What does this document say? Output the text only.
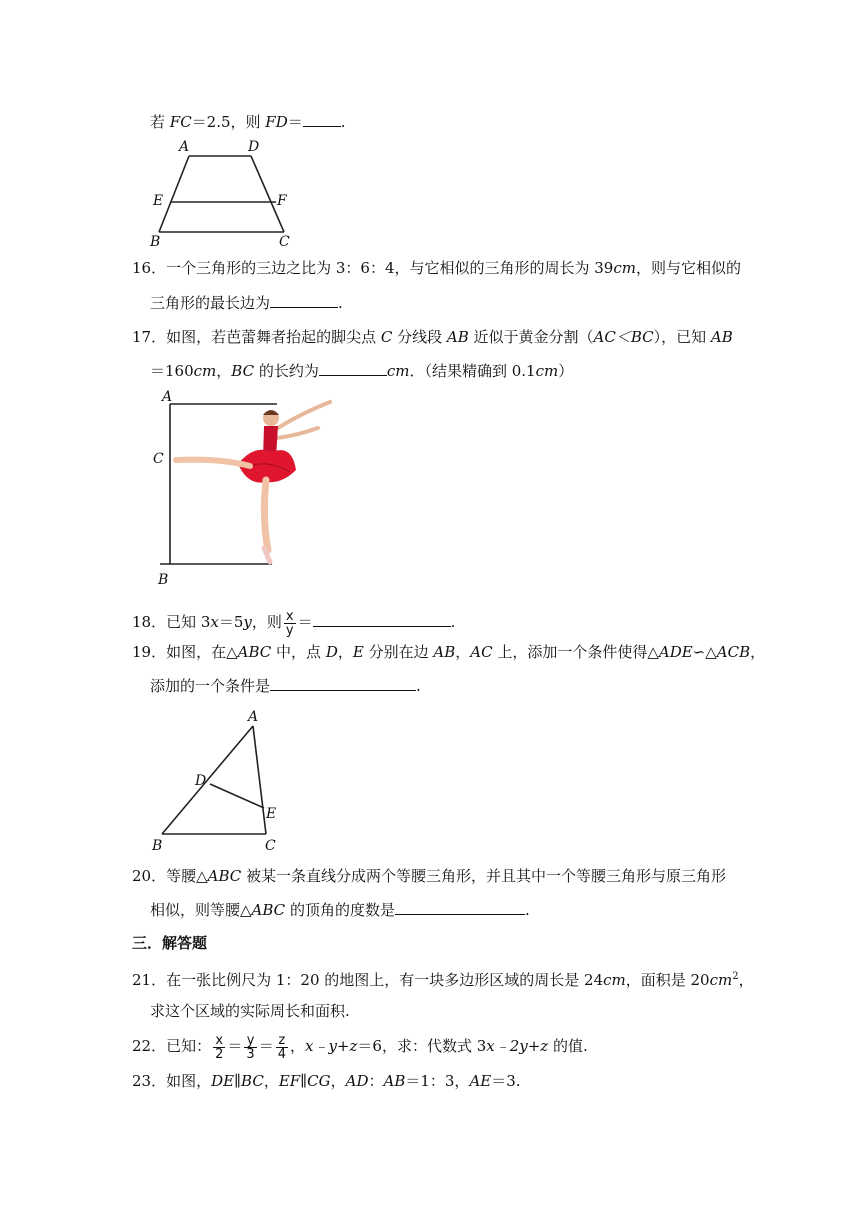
若 FC＝2.5，则 FD＝	.
A	D
E	F
B	C
16．一个三角形的三边之比为 3：6：4，与它相似的三角形的周长为 39cm，则与它相似的
三角形的最长边为	.
17．如图，若芭蕾舞者抬起的脚尖点 C 分线段 AB 近似于黄金分割（AC＜BC），已知 AB
＝160cm，BC 的长约为	cm．（结果精确到 0.1cm）
A
C
B
18．已知 3x＝5y，则 $\frac{x}{y}$ ＝	.
19．如图，在△ABC 中，点 D，E 分别在边 AB，AC 上，添加一个条件使得△ADE∽△ACB，
添加的一个条件是	.
A
D
E
B	C
20．等腰△ABC 被某一条直线分成两个等腰三角形，并且其中一个等腰三角形与原三角形
相似，则等腰△ABC 的顶角的度数是	.
三．解答题
21．在一张比例尺为 1：20 的地图上，有一块多边形区域的周长是 24cm，面积是 $20cm^2$，
求这个区域的实际周长和面积.
22．已知： $\frac{x}{2} = \frac{y}{3} = \frac{z}{4}$ ，x﹣y+z＝6，求：代数式 3x﹣2y+z 的值.
23．如图，DE∥BC，EF∥CG，AD：AB＝1：3，AE＝3.
